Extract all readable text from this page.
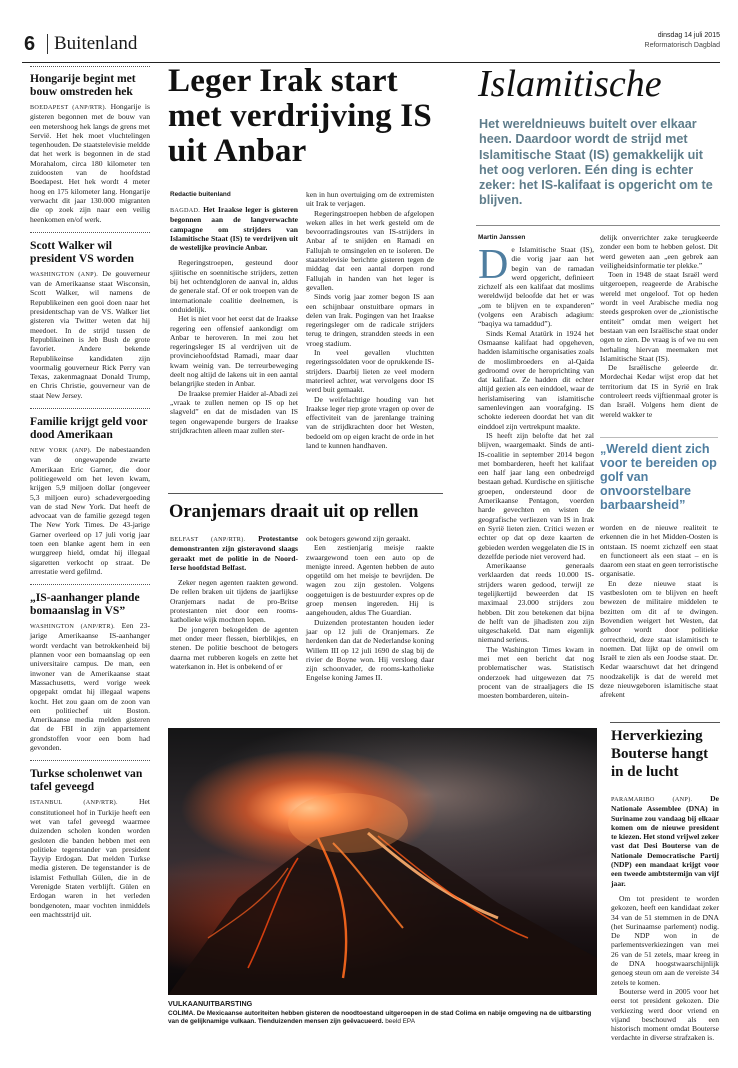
6 Buitenland	dinsdag 14 juli 2015
Reformatorisch Dagblad
Hongarije begint met bouw omstreden hek
BOEDAPEST (ANP/RTR). Hongarije is gisteren begonnen met de bouw van een metershoog hek langs de grens met Servië. Het hek moet vluchtelingen tegenhouden. De staatstelevisie meldde dat het werk is begonnen in de stad Morahalom, circa 180 kilometer ten zuidoosten van de hoofdstad Boedapest. Het hek wordt 4 meter hoog en 175 kilometer lang. Hongarije verwacht dit jaar 130.000 migranten die op zoek zijn naar een veilig heenkomen en/of werk.
Scott Walker wil president VS worden
WASHINGTON (ANP). De gouverneur van de Amerikaanse staat Wisconsin, Scott Walker, wil namens de Republikeinen een gooi doen naar het presidentschap van de VS. Walker liet gisteren via Twitter weten dat hij meedoet. In de strijd tussen de Republikeinen is Jeb Bush de grote favoriet. Andere bekende Republikeinse kandidaten zijn voormalig gouverneur Rick Perry van Texas, zakenmagnaat Donald Trump, en Chris Christie, gouverneur van de staat New Jersey.
Familie krijgt geld voor dood Amerikaan
NEW YORK (ANP). De nabestaanden van de ongewapende zwarte Amerikaan Eric Garner, die door politiegeweld om het leven kwam, krijgen 5,9 miljoen dollar (ongeveer 5,3 miljoen euro) schadevergoeding van de stad New York. Dat heeft de advocaat van de familie gezegd tegen The New York Times. De 43-jarige Garner overleed op 17 juli vorig jaar toen een blanke agent hem in een wurggreep hield, omdat hij illegaal sigaretten verkocht op straat. De arrestatie werd gefilmd.
„IS-aanhanger plande bomaanslag in VS”
WASHINGTON (ANP/RTR). Een 23-jarige Amerikaanse IS-aanhanger wordt verdacht van betrokkenheid bij plannen voor een bomaanslag op een universitaire campus. De man, een inwoner van de Amerikaanse staat Massachusetts, werd vorige week opgepakt omdat hij illegaal wapens kocht. Het zou gaan om de zoon van een politiechef uit Boston. Amerikaanse media melden gisteren dat de FBI in zijn appartement grondstoffen voor een bom had gevonden.
Turkse scholenwet van tafel geveegd
ISTANBUL (ANP/RTR).	Het constitutioneel hof in Turkije heeft een wet van tafel geveegd waarmee duizenden scholen konden worden gesloten die banden hebben met een politieke tegenstander van president Tayyip Erdogan. Dat melden Turkse media gisteren. De tegenstander is de islamist Fethullah Gülen, die in de Verenigde Staten verblijft. Gülen en Erdogan waren in het verleden bondgenoten, maar vochten inmiddels een machtsstrijd uit.
Leger Irak start met verdrijving IS uit Anbar
Redactie buitenland

BAGDAD. Het Iraakse leger is gisteren begonnen aan de langverwachte campagne om strijders van Islamitische Staat (IS) te verdrijven uit de westelijke provincie Anbar.

Regeringstroepen, gesteund door sjiitische en soennitische strijders, zetten bij het ochtendgloren de aanval in, aldus de generale staf. Of er ook troepen van de internationale coalitie deelnemen, is onduidelijk.

Het is niet voor het eerst dat de Iraakse regering een offensief aankondigt om Anbar te heroveren. In mei zou het regeringsleger IS al verdrijven uit de provinciehoofdstad Ramadi, maar daar kwam weinig van. De terreurbeweging deelt nog altijd de lakens uit in een aantal belangrijke steden in Anbar.

De Iraakse premier Haider al-Abadi zei „vraak te zullen nemen op IS op het slagveld” en dat de misdaden van IS tegen ongewapende burgers de Iraakse strijdkrachten alleen maar zullen ster-

ken in hun overtuiging om de extremisten uit Irak te verjagen.

Regeringstroepen hebben de afgelopen weken alles in het werk gesteld om de bevoorradingsroutes van IS-strijders in Anbar af te snijden en Ramadi en Fallujah te omsingelen en te isoleren. De staatstelevisie berichtte gisteren tegen de middag dat een aantal dorpen rond Fallujah in handen van het leger is gevallen.

Sinds vorig jaar zomer begon IS aan een schijnbaar onstuitbare opmars in delen van Irak. Pogingen van het Iraakse regeringsleger om de radicale strijders terug te dringen, strandden steeds in een vroeg stadium.

In veel gevallen vluchtten regeringssoldaten voor de oprukkende IS-strijders. Daarbij lieten ze veel modern materieel achter, wat vervolgens door IS werd buit gemaakt.

De weifelachtige houding van het Iraakse leger riep grote vragen op over de effectiviteit van de jarenlange training van de strijdkrachten door het Westen, bedoeld om op eigen kracht de orde in het land te kunnen handhaven.

Oranjemars draait uit op rellen

BELFAST (ANP/RTR). Protestantse demonstranten zijn gisteravond slaags geraakt met de politie in de Noord-Ierse hoofdstad Belfast.

Zeker negen agenten raakten gewond. De rellen braken uit tijdens de jaarlijkse Oranjemars nadat de pro-Britse protestanten niet door een rooms-katholieke wijk mochten lopen.

De jongeren bekogelden de agenten met onder meer flessen, bierblikjes, en stenen. De politie beschoot de betogers daarna met rubberen kogels en zette het waterkanon in. Het is onbekend of er

ook betogers gewond zijn geraakt.

Een zestienjarig meisje raakte zwaargewond toen een auto op de menigte inreed. Agenten hebben de auto opgetild om het meisje te bevrijden. De wagen zou zijn gestolen. Volgens ooggetuigen is de bestuurder expres op de groep mensen ingereden. Hij is aangehouden, aldus The Guardian.

Duizenden protestanten houden ieder jaar op 12 juli de Oranjemars. Ze herdenken dan dat de Nederlandse koning Willem III op 12 juli 1690 de slag bij de rivier de Boyne won. Hij versloeg daar zijn schoonvader, de rooms-katholieke Engelse koning James II.

Islamitische
Het wereldnieuws buitelt over elkaar heen. Daardoor wordt de strijd met Islamitische Staat (IS) gemakkelijk uit het oog verloren. Eén ding is echter zeker: het IS-kalifaat is opgericht om te blijven.
Martin Janssen
D e Islamitische Staat (IS), die vorig jaar aan het begin van de ramadan werd opgericht, definieert zichzelf als een kalifaat dat moslims wereldwijd beloofde dat het er was „om te blijven en te expanderen” (volgens een Arabisch adagium: “baqiya wa tamaddud”).

Sinds Kemal Atatürk in 1924 het Osmaanse kalifaat had opgeheven, hadden islamitische organisaties zoals de moslimbroeders en al-Qaida gedroomd over de heroprichting van dat kalifaat. Ze hadden dit echter altijd gezien als een einddoel, waar de herislamisering van islamitische samenlevingen aan voorafging. IS schokte iedereen doordat het van dit einddoel zijn vertrekpunt maakte.

IS heeft zijn belofte dat het zal blijven, waargemaakt. Sinds de anti-IS-coalitie in september 2014 begon met bombarderen, heeft het kalifaat een half jaar lang een onbedreigd bestaan gehad. Kurdische en sjiitische groepen, ondersteund door de Amerikaanse Pentagon, voerden harde gevechten en wisten de geografische verliezen van IS in Irak en Syrië lieten zien. Critici wezen er echter op dat op deze kaarten de gebieden werden weggelaten die IS in dezelfde periode niet veroverd had.

Amerikaanse generaals verklaarden dat reeds 10.000 IS-strijders waren gedood, terwijl ze tegelijkertijd beweerden dat IS maximaal 23.000 strijders zou hebben. Dit zou betekenen dat bijna de helft van de jihadisten zou zijn uitgeschakeld. Dat nam eigenlijk niemand serieus.

The Washington Times kwam in mei met een bericht dat nog problematischer was. Statistisch onderzoek had uitgewezen dat 75 procent van de straaljagers die IS moesten bombarderen, uitein-

delijk onverrichter zake terugkeerde zonder een bom te hebben gelost. Dit werd geweten aan „een gebrek aan veiligheidsinformatie ter plekke.”

Toen in 1948 de staat Israël werd uitgeroepen, reageerde de Arabische wereld met ongeloof. Tot op heden wordt in veel Arabische media nog steeds gesproken over de „zionistische entiteit” omdat men weigert het bestaan van een Israëlische staat onder ogen te zien. De vraag is of we nu een herhaling hiervan meemaken met Islamitische Staat (IS).

De Israëlische geleerde dr. Mordechai Kedar wijst erop dat het territorium dat IS in Syrië en Irak controleert reeds vijftienmaal groter is dan Israël. Volgens hem dient de wereld wakker te

„Wereld dient zich voor te bereiden op golf van onvoorstelbare barbaarsheid”

worden en de nieuwe realiteit te erkennen die in het Midden-Oosten is ontstaan. IS noemt zichzelf een staat en functioneert als een staat – en is daarom een staat en geen terroristische organisatie.

En deze nieuwe staat is vastbesloten om te blijven en heeft bewezen de militaire middelen te bezitten om dit af te dwingen. Bovendien weigert het Westen, dat gehoor wordt door politieke correctheid, deze staat islamitisch te noemen. Dat lijkt op de onwil om Israël te zien als een Joodse staat. Dr. Kedar waarschuwt dat het dringend noodzakelijk is dat de wereld met deze nieuwgeboren islamitische staat afrekent

VULKAANUITBARSTING
COLIMA. De Mexicaanse autoriteiten hebben gisteren de noodtoestand uitgeroepen in de stad Colima en nabije omgeving na de uitbarsting van de gelijknamige vulkaan. Tienduizenden mensen zijn geëvacueerd. beeld EPA
Herverkiezing Bouterse hangt in de lucht

PARAMARIBO (ANP). De Nationale Assemblee (DNA) in Suriname zou vandaag bij elkaar komen om de nieuwe president te kiezen. Het stond vrijwel zeker vast dat Desi Bouterse van de Nationale Democratische Partij (NDP) een mandaat krijgt voor een tweede ambtstermijn van vijf jaar.

Om tot president te worden gekozen, heeft een kandidaat zeker 34 van de 51 stemmen in de DNA (het Surinaamse parlement) nodig. De NDP won in de parlementsverkiezingen van mei 26 van de 51 zetels, maar kreeg in de DNA hoogstwaarschijnlijk genoeg steun om aan de vereiste 34 zetels te komen.

Bouterse werd in 2005 voor het eerst tot president gekozen. Die verkiezing werd door vriend en vijand beschouwd als een historisch moment omdat Bouterse verdachte in diverse strafzaken is.
